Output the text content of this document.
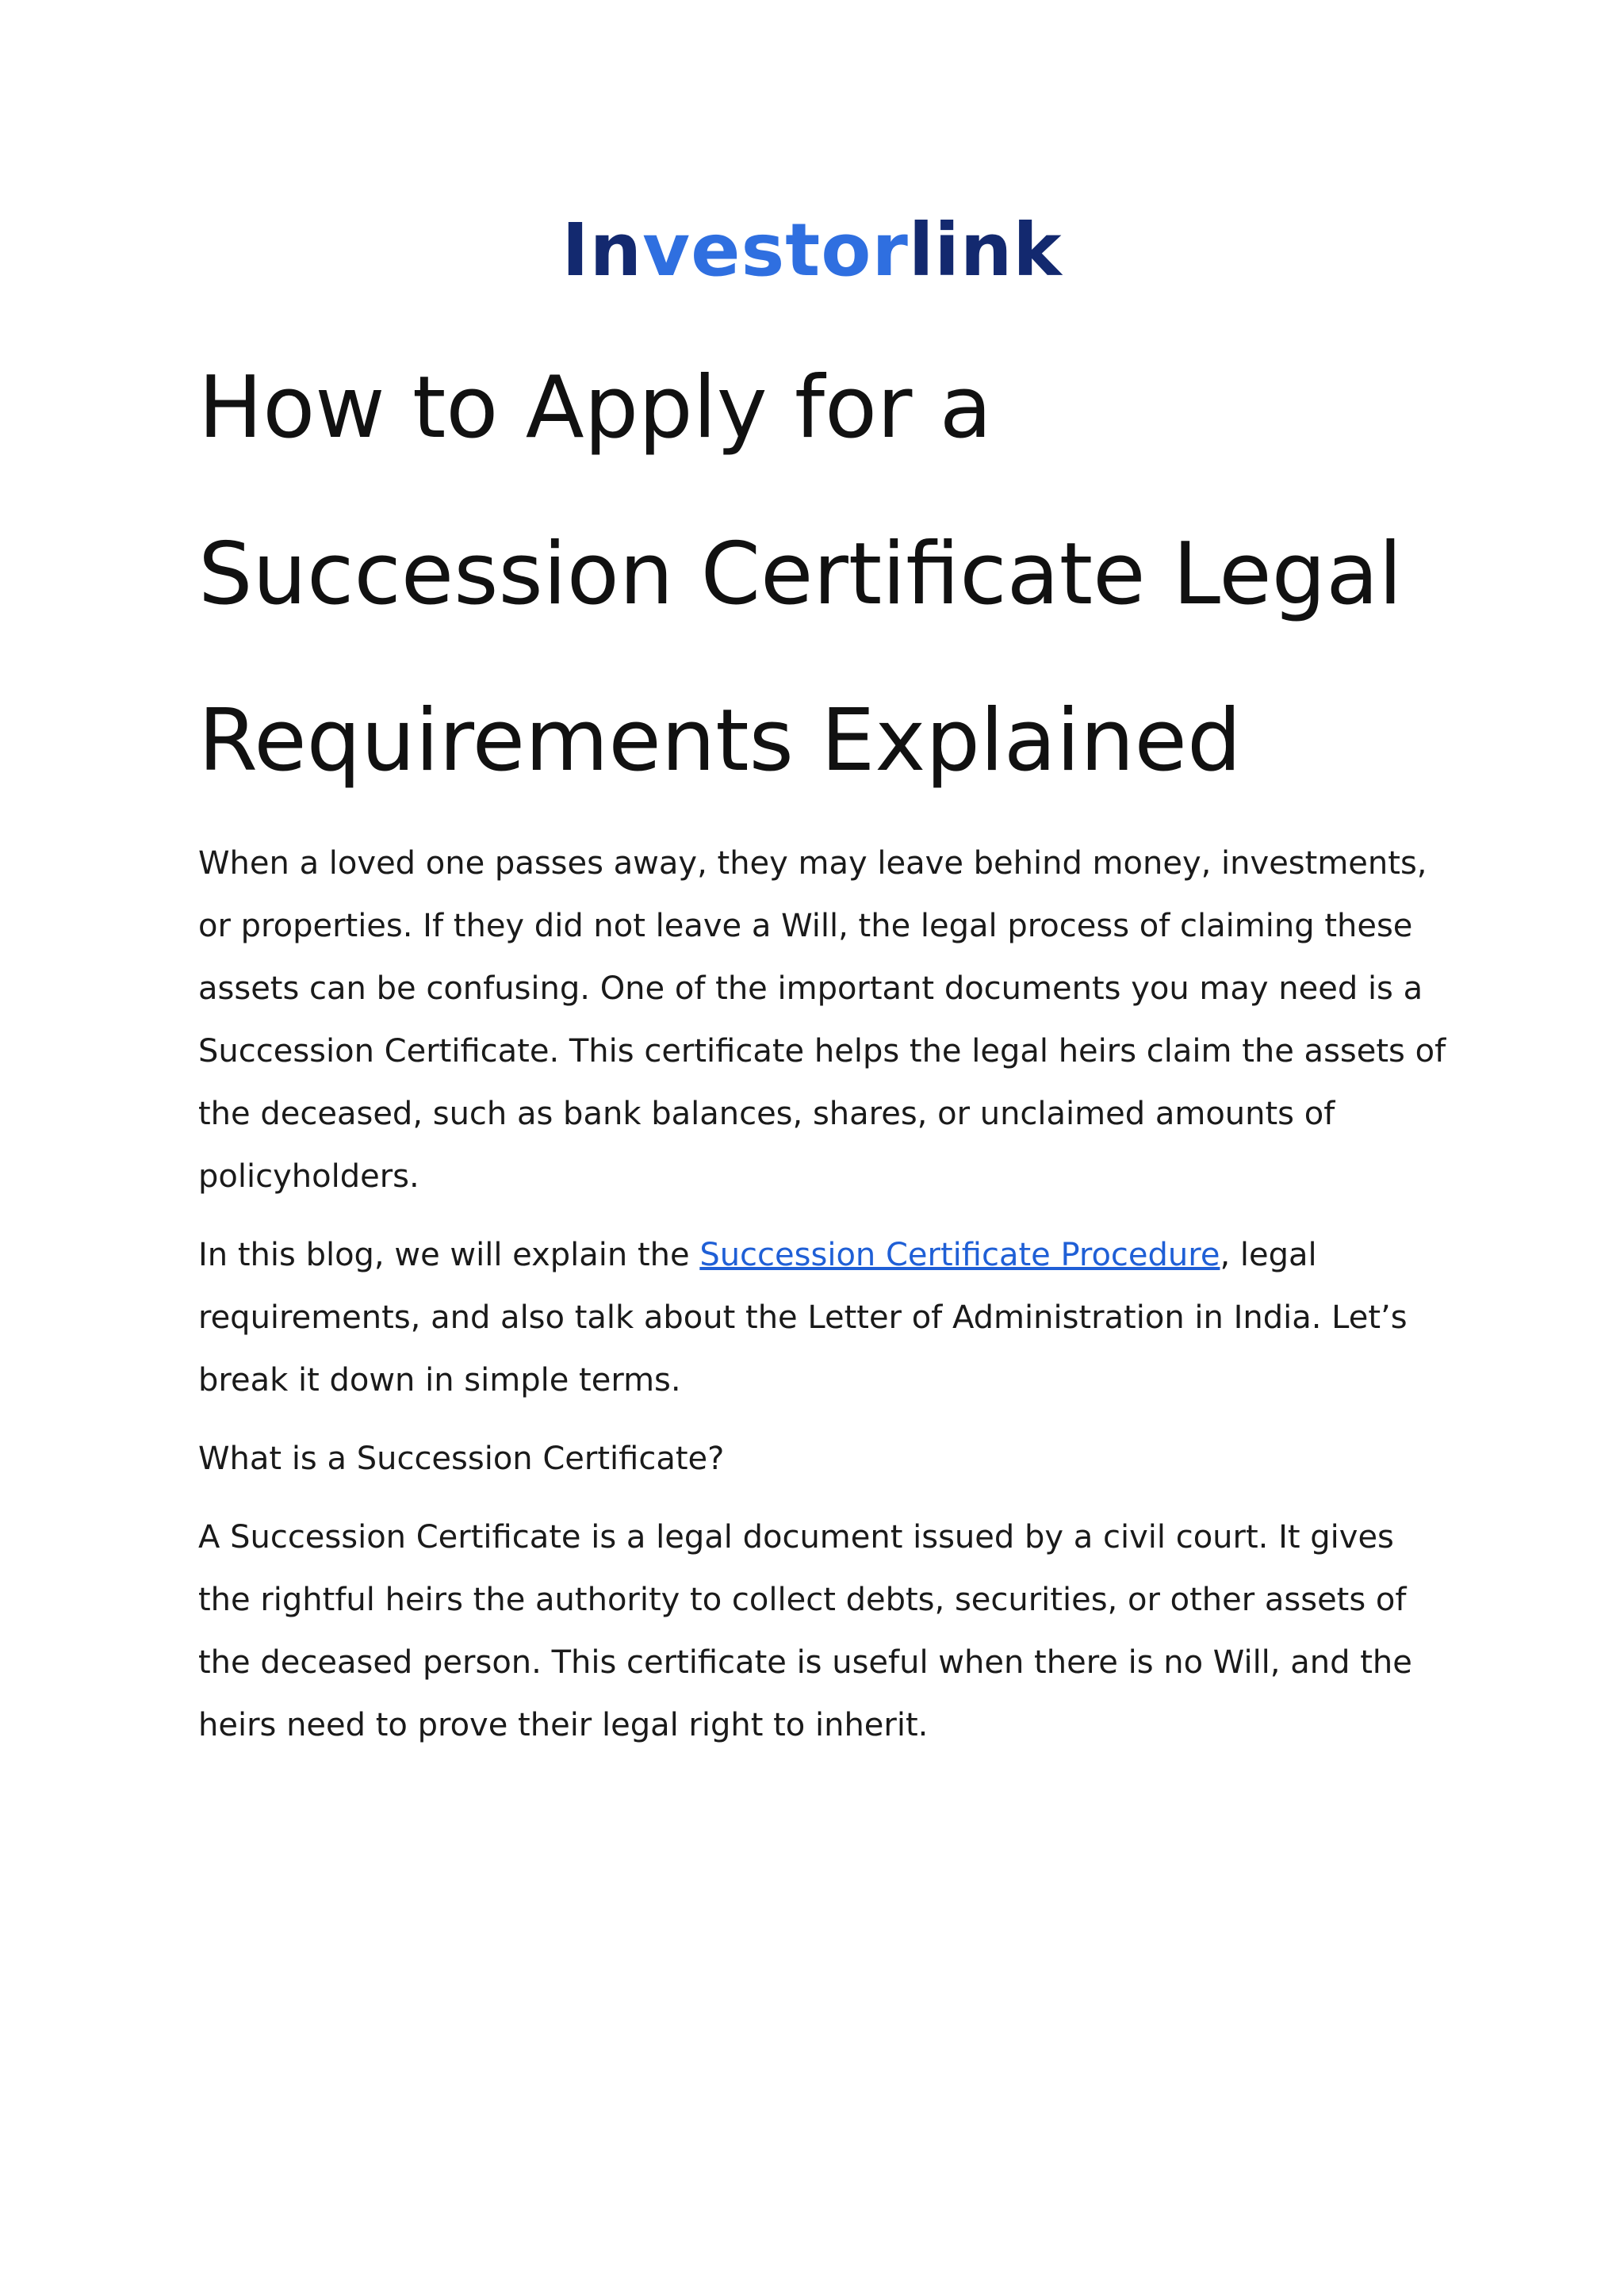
Investorlink
How to Apply for a
Succession Certificate Legal
Requirements Explained

When a loved one passes away, they may leave behind money, investments, or properties. If they did not leave a Will, the legal process of claiming these assets can be confusing. One of the important documents you may need is a Succession Certificate. This certificate helps the legal heirs claim the assets of the deceased, such as bank balances, shares, or unclaimed amounts of policyholders.

In this blog, we will explain the Succession Certificate Procedure, legal requirements, and also talk about the Letter of Administration in India. Let’s break it down in simple terms.

What is a Succession Certificate?

A Succession Certificate is a legal document issued by a civil court. It gives the rightful heirs the authority to collect debts, securities, or other assets of the deceased person. This certificate is useful when there is no Will, and the heirs need to prove their legal right to inherit.
